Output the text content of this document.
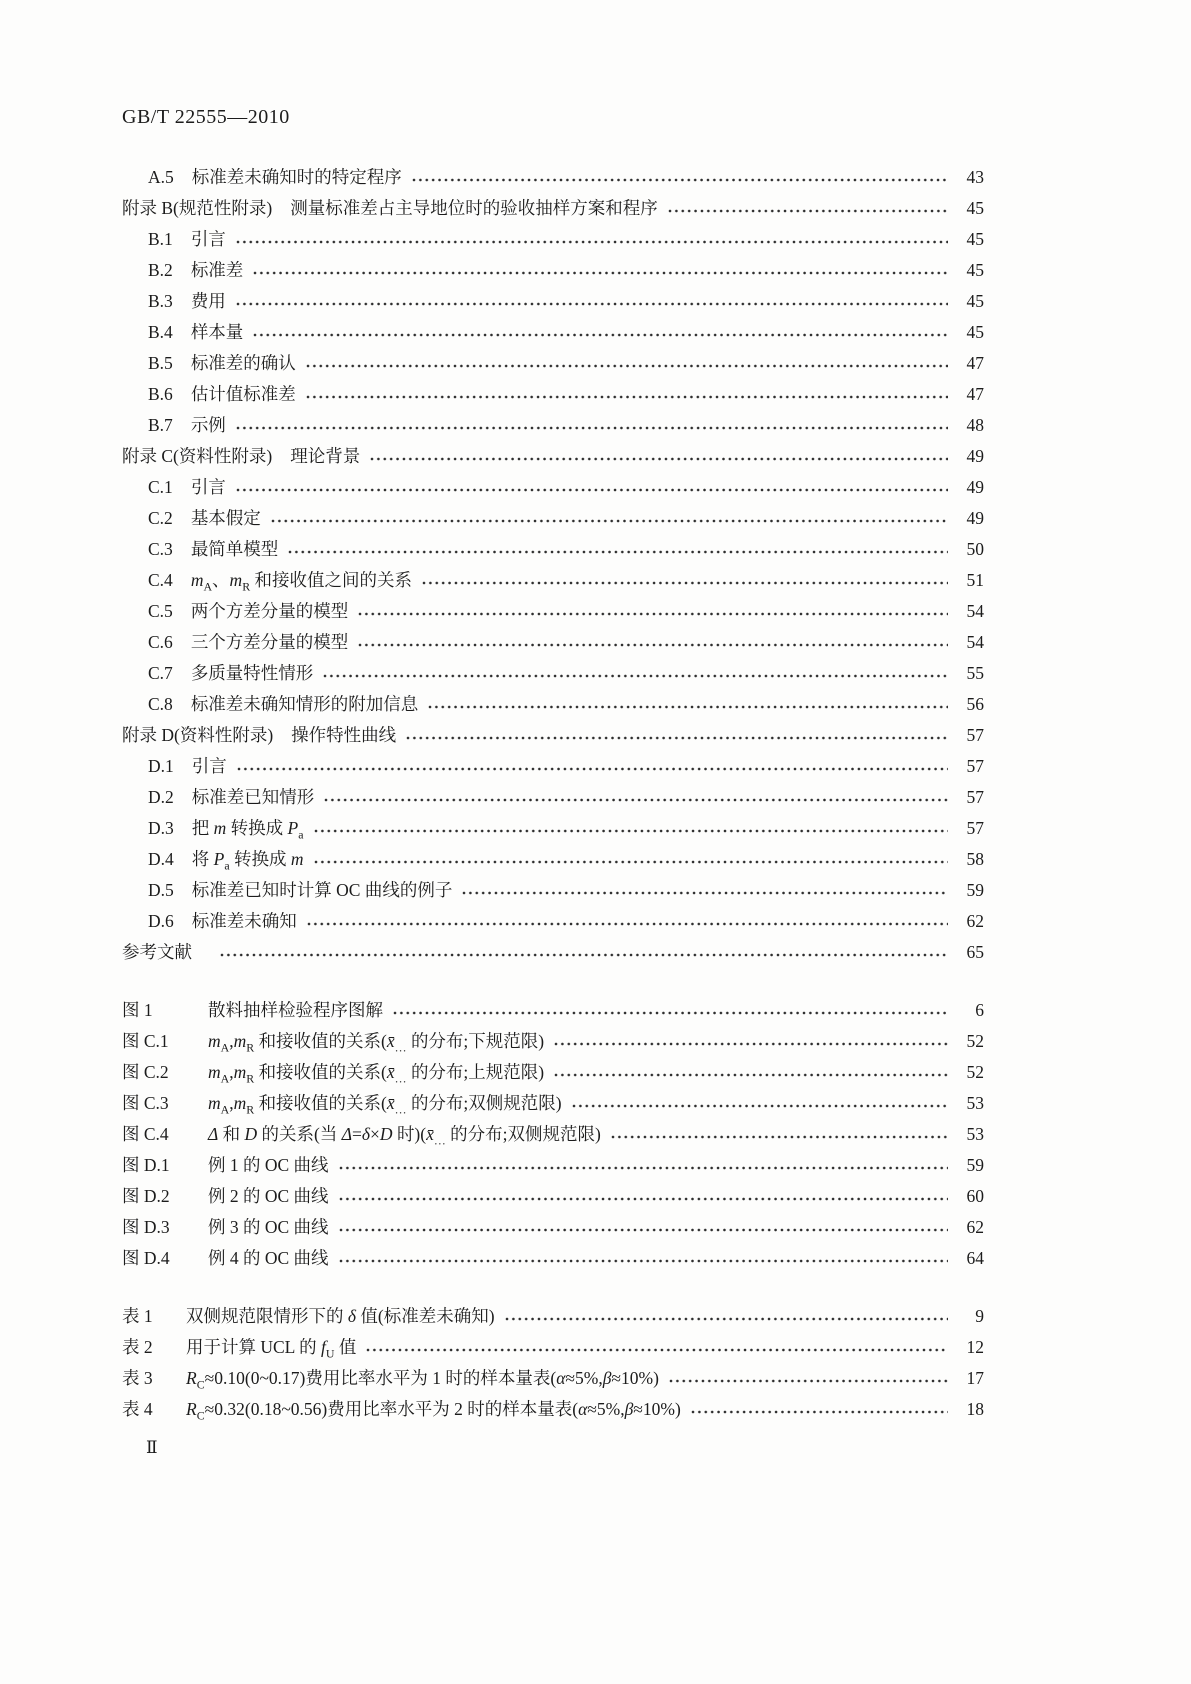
GB/T 22555—2010
A.5 标准差未确知时的特定程序	43
附录 B(规范性附录) 测量标准差占主导地位时的验收抽样方案和程序	45
B.1 引言	45
B.2 标准差	45
B.3 费用	45
B.4 样本量	45
B.5 标准差的确认	47
B.6 估计值标准差	47
B.7 示例	48
附录 C(资料性附录) 理论背景	49
C.1 引言	49
C.2 基本假定	49
C.3 最简单模型	50
C.4 $m_A$、$m_R$ 和接收值之间的关系	51
C.5 两个方差分量的模型	54
C.6 三个方差分量的模型	54
C.7 多质量特性情形	55
C.8 标准差未确知情形的附加信息	56
附录 D(资料性附录) 操作特性曲线	57
D.1 引言	57
D.2 标准差已知情形	57
D.3 把 m 转换成 $P_a$	57
D.4 将 $P_a$ 转换成 m	58
D.5 标准差已知时计算 OC 曲线的例子	59
D.6 标准差未确知	62
参考文献	65
图 1	散料抽样检验程序图解	6
图 C.1	$m_A,m_R$ 和接收值的关系($x̄_\dots$ 的分布;下规范限)	52
图 C.2	$m_A,m_R$ 和接收值的关系($x̄_\dots$ 的分布;上规范限)	52
图 C.3	$m_A,m_R$ 和接收值的关系($x̄_\dots$ 的分布;双侧规范限)	53
图 C.4	Δ 和 D 的关系(当 Δ=δ×D 时)($x̄_\dots$ 的分布;双侧规范限)	53
图 D.1	例 1 的 OC 曲线	59
图 D.2	例 2 的 OC 曲线	60
图 D.3	例 3 的 OC 曲线	62
图 D.4	例 4 的 OC 曲线	64
表 1	双侧规范限情形下的 δ 值(标准差未确知)	9
表 2	用于计算 UCL 的 $f_U$ 值	12
表 3	$R_C\approx 0.10(0\sim 0.17)$费用比率水平为 1 时的样本量表(α≈5%,β≈10%)	17
表 4	$R_C\approx 0.32(0.18\sim 0.56)$费用比率水平为 2 时的样本量表(α≈5%,β≈10%)	18
Ⅱ
